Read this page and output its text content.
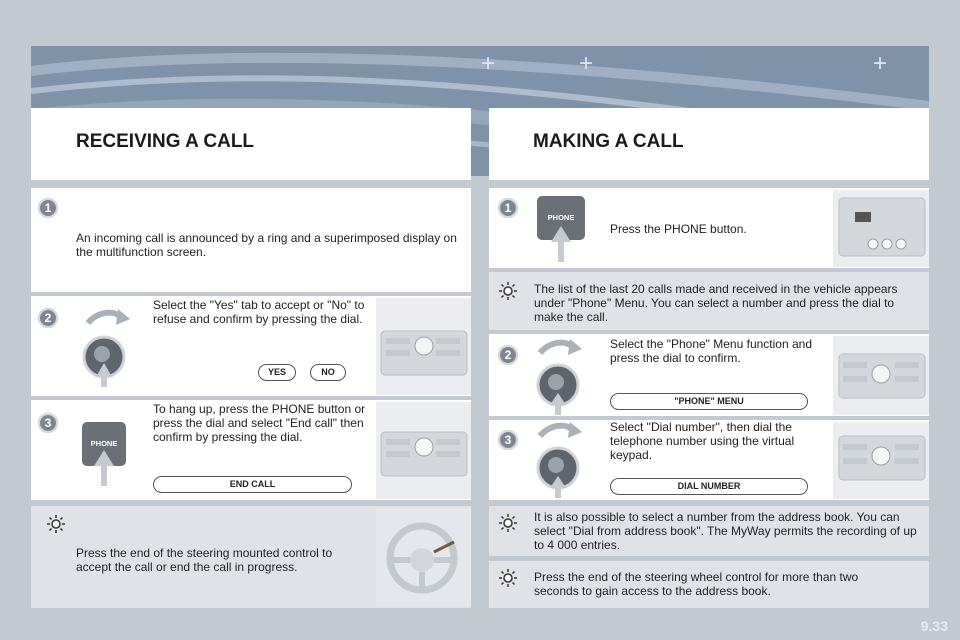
+	+	+
RECEIVING A CALL	MAKING A CALL
1
An incoming call is announced by a ring and a superimposed display on the multifunction screen.
2
Select the "Yes" tab to accept or "No" to refuse and confirm by pressing the dial.
YES	NO
3
PHONE
To hang up, press the PHONE button or press the dial and select "End call" then confirm by pressing the dial.
END CALL
Press the end of the steering mounted control to accept the call or end the call in progress.
1
PHONE
Press the PHONE button.
The list of the last 20 calls made and received in the vehicle appears under "Phone" Menu. You can select a number and press the dial to make the call.
2
Select the "Phone" Menu function and press the dial to confirm.
"PHONE" MENU
3
Select "Dial number", then dial the telephone number using the virtual keypad.
DIAL NUMBER
It is also possible to select a number from the address book. You can select "Dial from address book". The MyWay permits the recording of up to 4 000 entries.
Press the end of the steering wheel control for more than two seconds to gain access to the address book.
9.33
